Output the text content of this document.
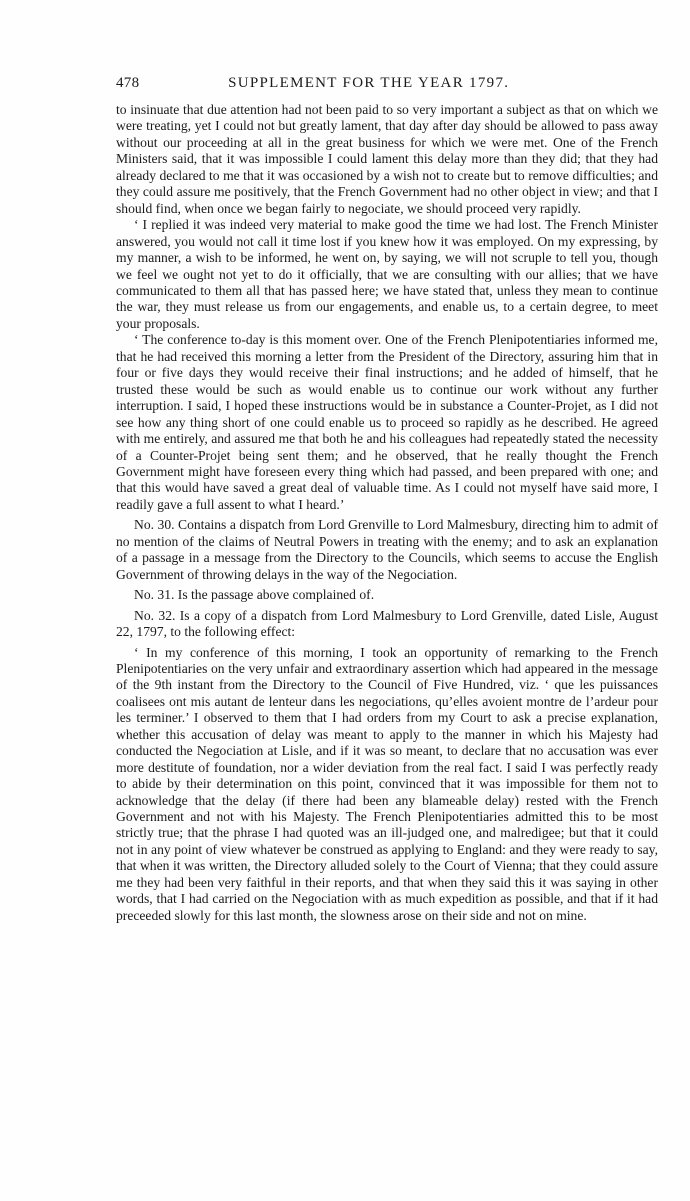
478	SUPPLEMENT FOR THE YEAR 1797.

to insinuate that due attention had not been paid to so very important a subject as that on which we were treating, yet I could not but greatly lament, that day after day should be allowed to pass away without our proceeding at all in the great business for which we were met. One of the French Ministers said, that it was impossible I could lament this delay more than they did; that they had already declared to me that it was occasioned by a wish not to create but to remove difficulties; and they could assure me positively, that the French Government had no other object in view; and that I should find, when once we began fairly to negociate, we should proceed very rapidly.

‘ I replied it was indeed very material to make good the time we had lost. The French Minister answered, you would not call it time lost if you knew how it was employed. On my expressing, by my manner, a wish to be informed, he went on, by saying, we will not scruple to tell you, though we feel we ought not yet to do it officially, that we are consulting with our allies; that we have communicated to them all that has passed here; we have stated that, unless they mean to continue the war, they must release us from our engagements, and enable us, to a certain degree, to meet your proposals.

‘ The conference to-day is this moment over. One of the French Plenipotentiaries informed me, that he had received this morning a letter from the President of the Directory, assuring him that in four or five days they would receive their final instructions; and he added of himself, that he trusted these would be such as would enable us to continue our work without any further interruption. I said, I hoped these instructions would be in substance a Counter-Projet, as I did not see how any thing short of one could enable us to proceed so rapidly as he described. He agreed with me entirely, and assured me that both he and his colleagues had repeatedly stated the necessity of a Counter-Projet being sent them; and he observed, that he really thought the French Government might have foreseen every thing which had passed, and been prepared with one; and that this would have saved a great deal of valuable time. As I could not myself have said more, I readily gave a full assent to what I heard.’

No. 30. Contains a dispatch from Lord Grenville to Lord Malmesbury, directing him to admit of no mention of the claims of Neutral Powers in treating with the enemy; and to ask an explanation of a passage in a message from the Directory to the Councils, which seems to accuse the English Government of throwing delays in the way of the Negociation.

No. 31. Is the passage above complained of.

No. 32. Is a copy of a dispatch from Lord Malmesbury to Lord Grenville, dated Lisle, August 22, 1797, to the following effect:

‘ In my conference of this morning, I took an opportunity of remarking to the French Plenipotentiaries on the very unfair and extraordinary assertion which had appeared in the message of the 9th instant from the Directory to the Council of Five Hundred, viz. ‘ que les puissances coalisees ont mis autant de lenteur dans les negociations, qu’elles avoient montre de l’ardeur pour les terminer.’ I observed to them that I had orders from my Court to ask a precise explanation, whether this accusation of delay was meant to apply to the manner in which his Majesty had conducted the Negociation at Lisle, and if it was so meant, to declare that no accusation was ever more destitute of foundation, nor a wider deviation from the real fact. I said I was perfectly ready to abide by their determination on this point, convinced that it was impossible for them not to acknowledge that the delay (if there had been any blameable delay) rested with the French Government and not with his Majesty. The French Plenipotentiaries admitted this to be most strictly true; that the phrase I had quoted was an ill-judged one, and malredigee; but that it could not in any point of view whatever be construed as applying to England: and they were ready to say, that when it was written, the Directory alluded solely to the Court of Vienna; that they could assure me they had been very faithful in their reports, and that when they said this it was saying in other words, that I had carried on the Negociation with as much expedition as possible, and that if it had preceeded slowly for this last month, the slowness arose on their side and not on mine.
